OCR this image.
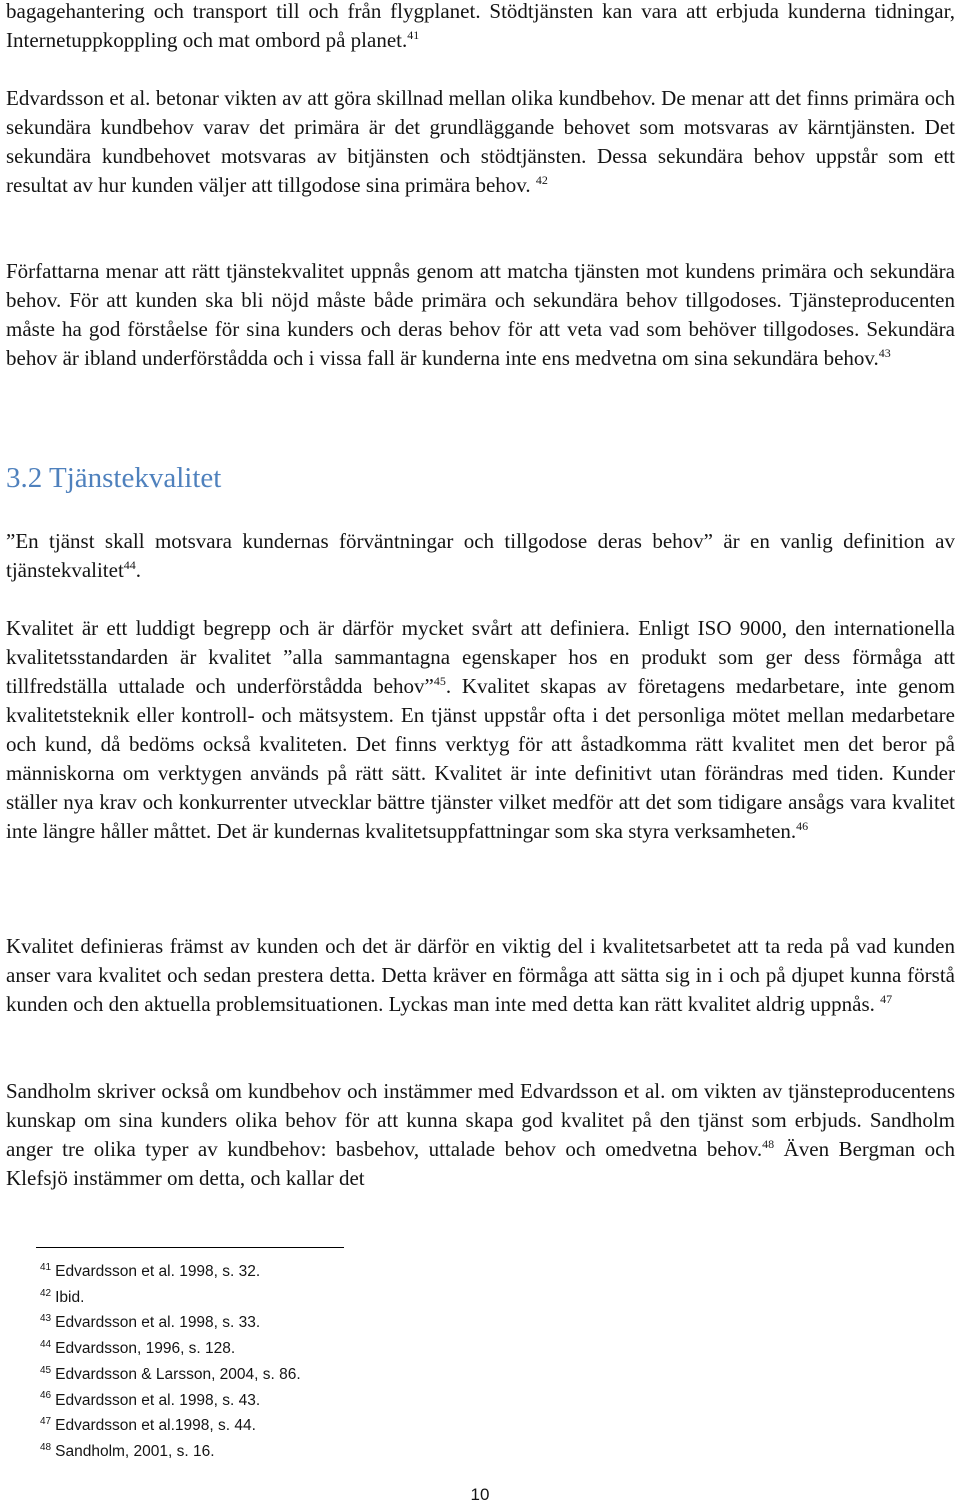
bagagehantering och transport till och från flygplanet. Stödtjänsten kan vara att erbjuda kunderna tidningar, Internetuppkoppling och mat ombord på planet.$^{41}$

Edvardsson et al. betonar vikten av att göra skillnad mellan olika kundbehov. De menar att det finns primära och sekundära kundbehov varav det primära är det grundläggande behovet som motsvaras av kärntjänsten. Det sekundära kundbehovet motsvaras av bitjänsten och stödtjänsten. Dessa sekundära behov uppstår som ett resultat av hur kunden väljer att tillgodose sina primära behov. $^{42}$

Författarna menar att rätt tjänstekvalitet uppnås genom att matcha tjänsten mot kundens primära och sekundära behov. För att kunden ska bli nöjd måste både primära och sekundära behov tillgodoses. Tjänsteproducenten måste ha god förståelse för sina kunders och deras behov för att veta vad som behöver tillgodoses. Sekundära behov är ibland underförstådda och i vissa fall är kunderna inte ens medvetna om sina sekundära behov.$^{43}$

3.2 Tjänstekvalitet

”En tjänst skall motsvara kundernas förväntningar och tillgodose deras behov” är en vanlig definition av tjänstekvalitet$^{44}$.

Kvalitet är ett luddigt begrepp och är därför mycket svårt att definiera. Enligt ISO 9000, den internationella kvalitetsstandarden är kvalitet ”alla sammantagna egenskaper hos en produkt som ger dess förmåga att tillfredställa uttalade och underförstådda behov”$^{45}$. Kvalitet skapas av företagens medarbetare, inte genom kvalitetsteknik eller kontroll- och mätsystem. En tjänst uppstår ofta i det personliga mötet mellan medarbetare och kund, då bedöms också kvaliteten. Det finns verktyg för att åstadkomma rätt kvalitet men det beror på människorna om verktygen används på rätt sätt. Kvalitet är inte definitivt utan förändras med tiden. Kunder ställer nya krav och konkurrenter utvecklar bättre tjänster vilket medför att det som tidigare ansågs vara kvalitet inte längre håller måttet. Det är kundernas kvalitetsuppfattningar som ska styra verksamheten.$^{46}$

Kvalitet definieras främst av kunden och det är därför en viktig del i kvalitetsarbetet att ta reda på vad kunden anser vara kvalitet och sedan prestera detta. Detta kräver en förmåga att sätta sig in i och på djupet kunna förstå kunden och den aktuella problemsituationen. Lyckas man inte med detta kan rätt kvalitet aldrig uppnås. $^{47}$

Sandholm skriver också om kundbehov och instämmer med Edvardsson et al. om vikten av tjänsteproducentens kunskap om sina kunders olika behov för att kunna skapa god kvalitet på den tjänst som erbjuds. Sandholm anger tre olika typer av kundbehov: basbehov, uttalade behov och omedvetna behov.$^{48}$ Även Bergman och Klefsjö instämmer om detta, och kallar det

$^{41}$ Edvardsson et al. 1998, s. 32.
$^{42}$ Ibid.
$^{43}$ Edvardsson et al. 1998, s. 33.
$^{44}$ Edvardsson, 1996, s. 128.
$^{45}$ Edvardsson & Larsson, 2004, s. 86.
$^{46}$ Edvardsson et al. 1998, s. 43.
$^{47}$ Edvardsson et al.1998, s. 44.
$^{48}$ Sandholm, 2001, s. 16.
10
